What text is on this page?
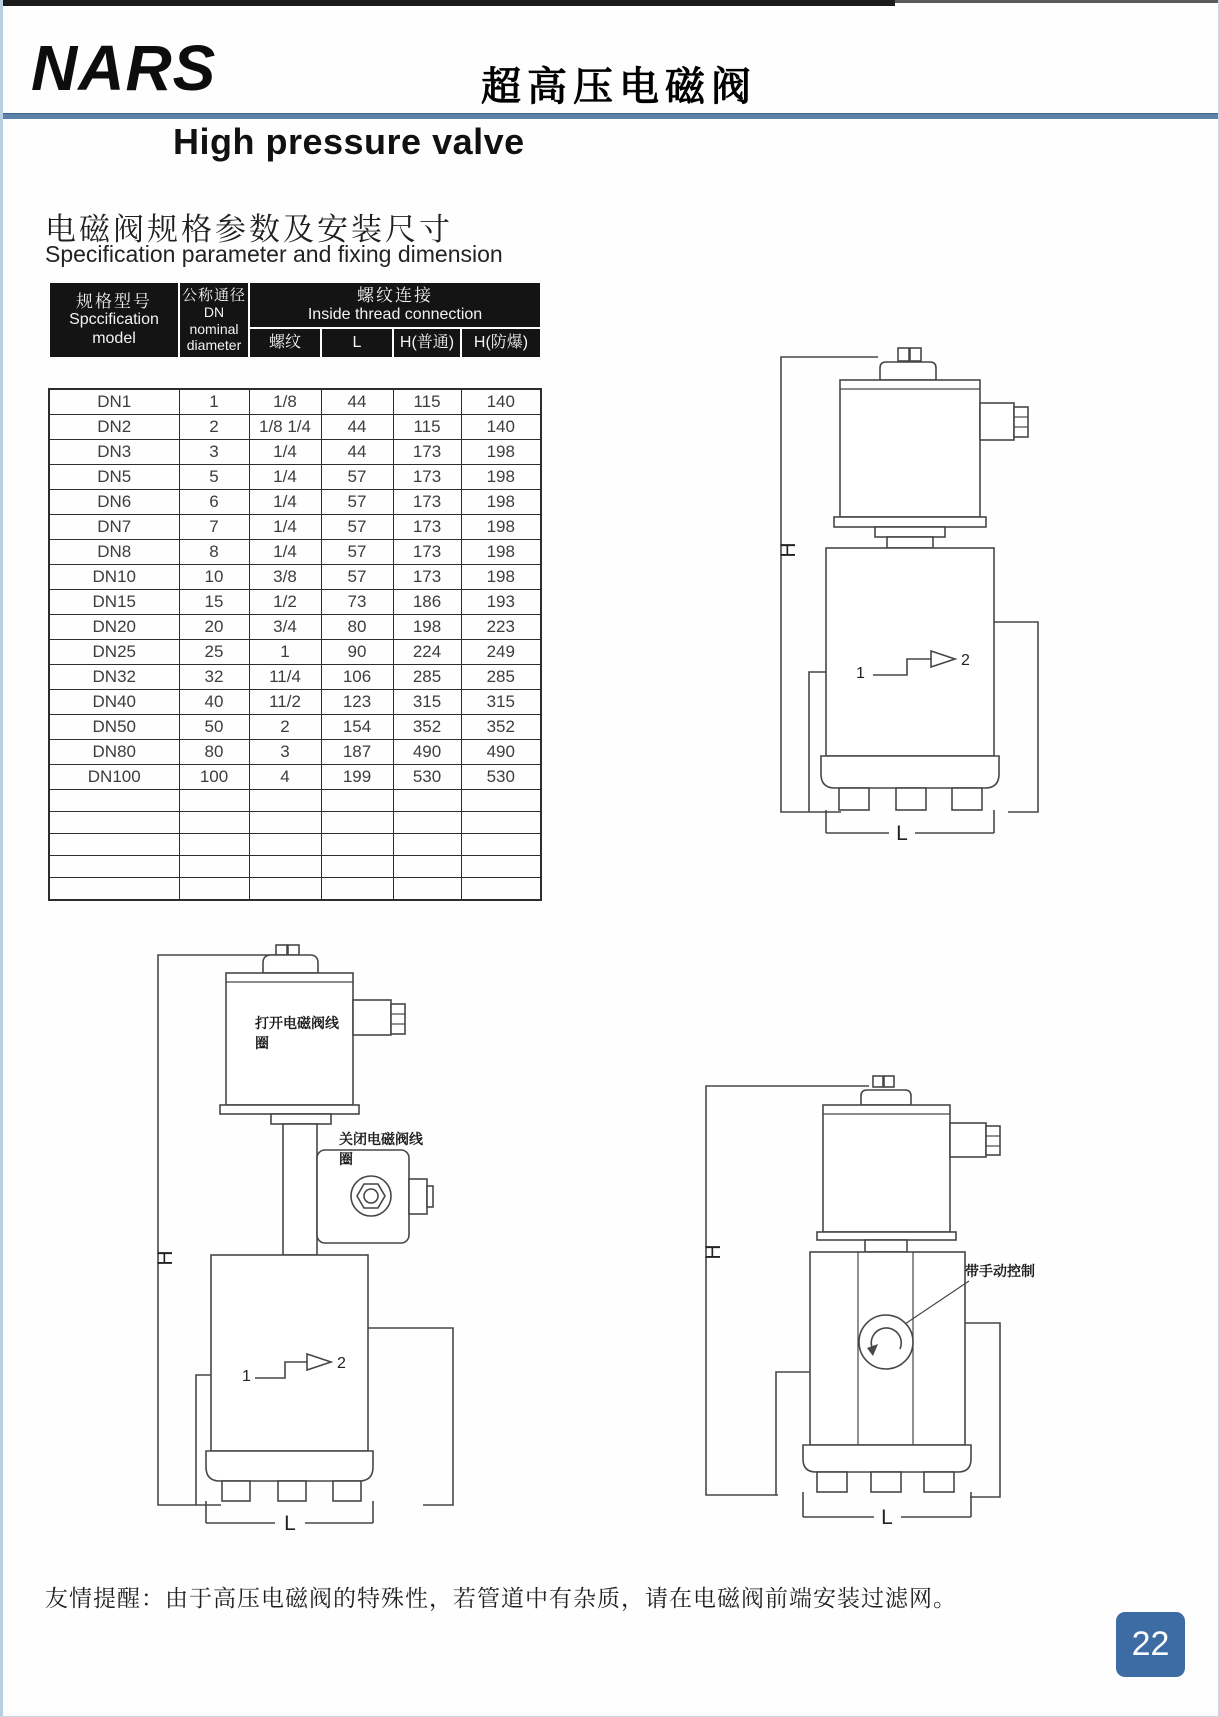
NARS	超高压电磁阀
High pressure valve
电磁阀规格参数及安装尺寸
Specification parameter and fixing dimension
规格型号
Spccification
model

公称通径
DN
nominal
diameter

螺纹连接
Inside thread connection

		螺纹	L	H(普通)	H(防爆)
DN1	1	1/8	44	115	140
DN2	2	1/8 1/4	44	115	140
DN3	3	1/4	44	173	198
DN5	5	1/4	57	173	198
DN6	6	1/4	57	173	198
DN7	7	1/4	57	173	198
DN8	8	1/4	57	173	198
DN10	10	3/8	57	173	198
DN15	15	1/2	73	186	193
DN20	20	3/4	80	198	223
DN25	25	1	90	224	249
DN32	32	11/4	106	285	285
DN40	40	11/2	123	315	315
DN50	50	2	154	352	352
DN80	80	3	187	490	490
DN100	100	4	199	530	530

H
1
2
L
H
打开电磁阀线
圈
关闭电磁阀线
圈
1
2
L
H
带手动控制
L
友情提醒：由于高压电磁阀的特殊性，若管道中有杂质，请在电磁阀前端安装过滤网。
22
